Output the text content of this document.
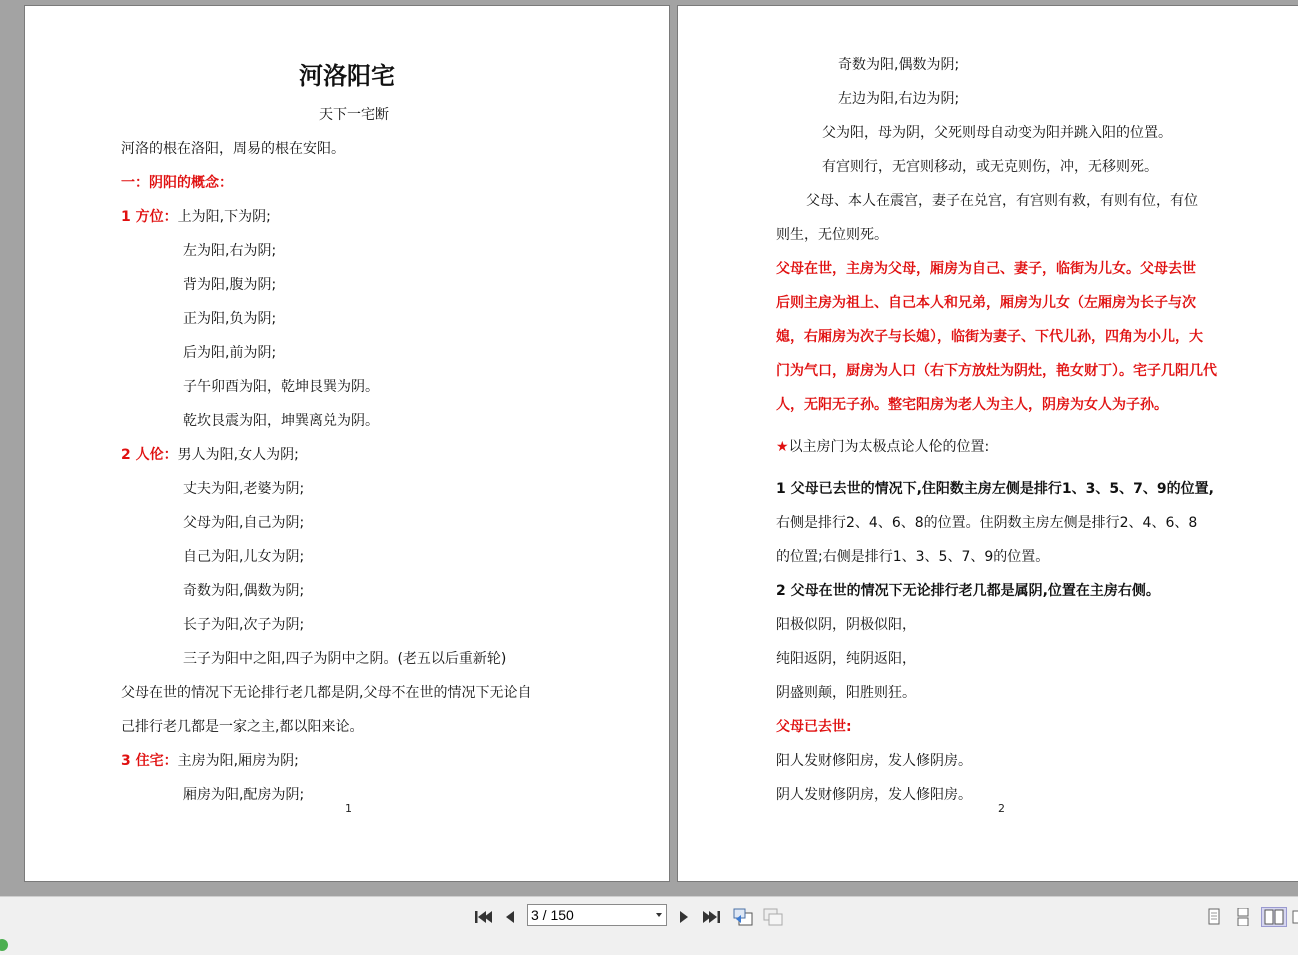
河洛阳宅
天下一宅断
河洛的根在洛阳，周易的根在安阳。
一：阴阳的概念：
1 方位：上为阳,下为阴;
左为阳,右为阴;
背为阳,腹为阴;
正为阳,负为阴;
后为阳,前为阴;
子午卯酉为阳，乾坤艮巽为阴。
乾坎艮震为阳，坤巽离兑为阴。
2 人伦：男人为阳,女人为阴;
丈夫为阳,老婆为阴;
父母为阳,自己为阴;
自己为阳,儿女为阴;
奇数为阳,偶数为阴;
长子为阳,次子为阴;
三子为阳中之阳,四子为阴中之阴。(老五以后重新轮)
父母在世的情况下无论排行老几都是阴,父母不在世的情况下无论自
己排行老几都是一家之主,都以阳来论。
3 住宅：主房为阳,厢房为阴;
厢房为阳,配房为阴;
1
奇数为阳,偶数为阴;
左边为阳,右边为阴;
父为阳，母为阴，父死则母自动变为阳并跳入阳的位置。
有宫则行，无宫则移动，或无克则伤，冲，无移则死。
父母、本人在震宫，妻子在兑宫，有宫则有救，有则有位，有位
则生，无位则死。
父母在世，主房为父母，厢房为自己、妻子，临街为儿女。父母去世
后则主房为祖上、自己本人和兄弟，厢房为儿女（左厢房为长子与次
媳，右厢房为次子与长媳），临街为妻子、下代儿孙，四角为小儿，大
门为气口，厨房为人口（右下方放灶为阴灶，艳女财丁）。宅子几阳几代
人，无阳无子孙。整宅阳房为老人为主人，阴房为女人为子孙。
★以主房门为太极点论人伦的位置:
1 父母已去世的情况下,住阳数主房左侧是排行1、3、5、7、9的位置,
右侧是排行2、4、6、8的位置。住阴数主房左侧是排行2、4、6、8
的位置;右侧是排行1、3、5、7、9的位置。
2 父母在世的情况下无论排行老几都是属阴,位置在主房右侧。
阳极似阴，阴极似阳，
纯阳返阴，纯阴返阳，
阴盛则颠，阳胜则狂。
父母已去世:
阳人发财修阳房，发人修阴房。
阴人发财修阴房，发人修阳房。
2
3 / 150
